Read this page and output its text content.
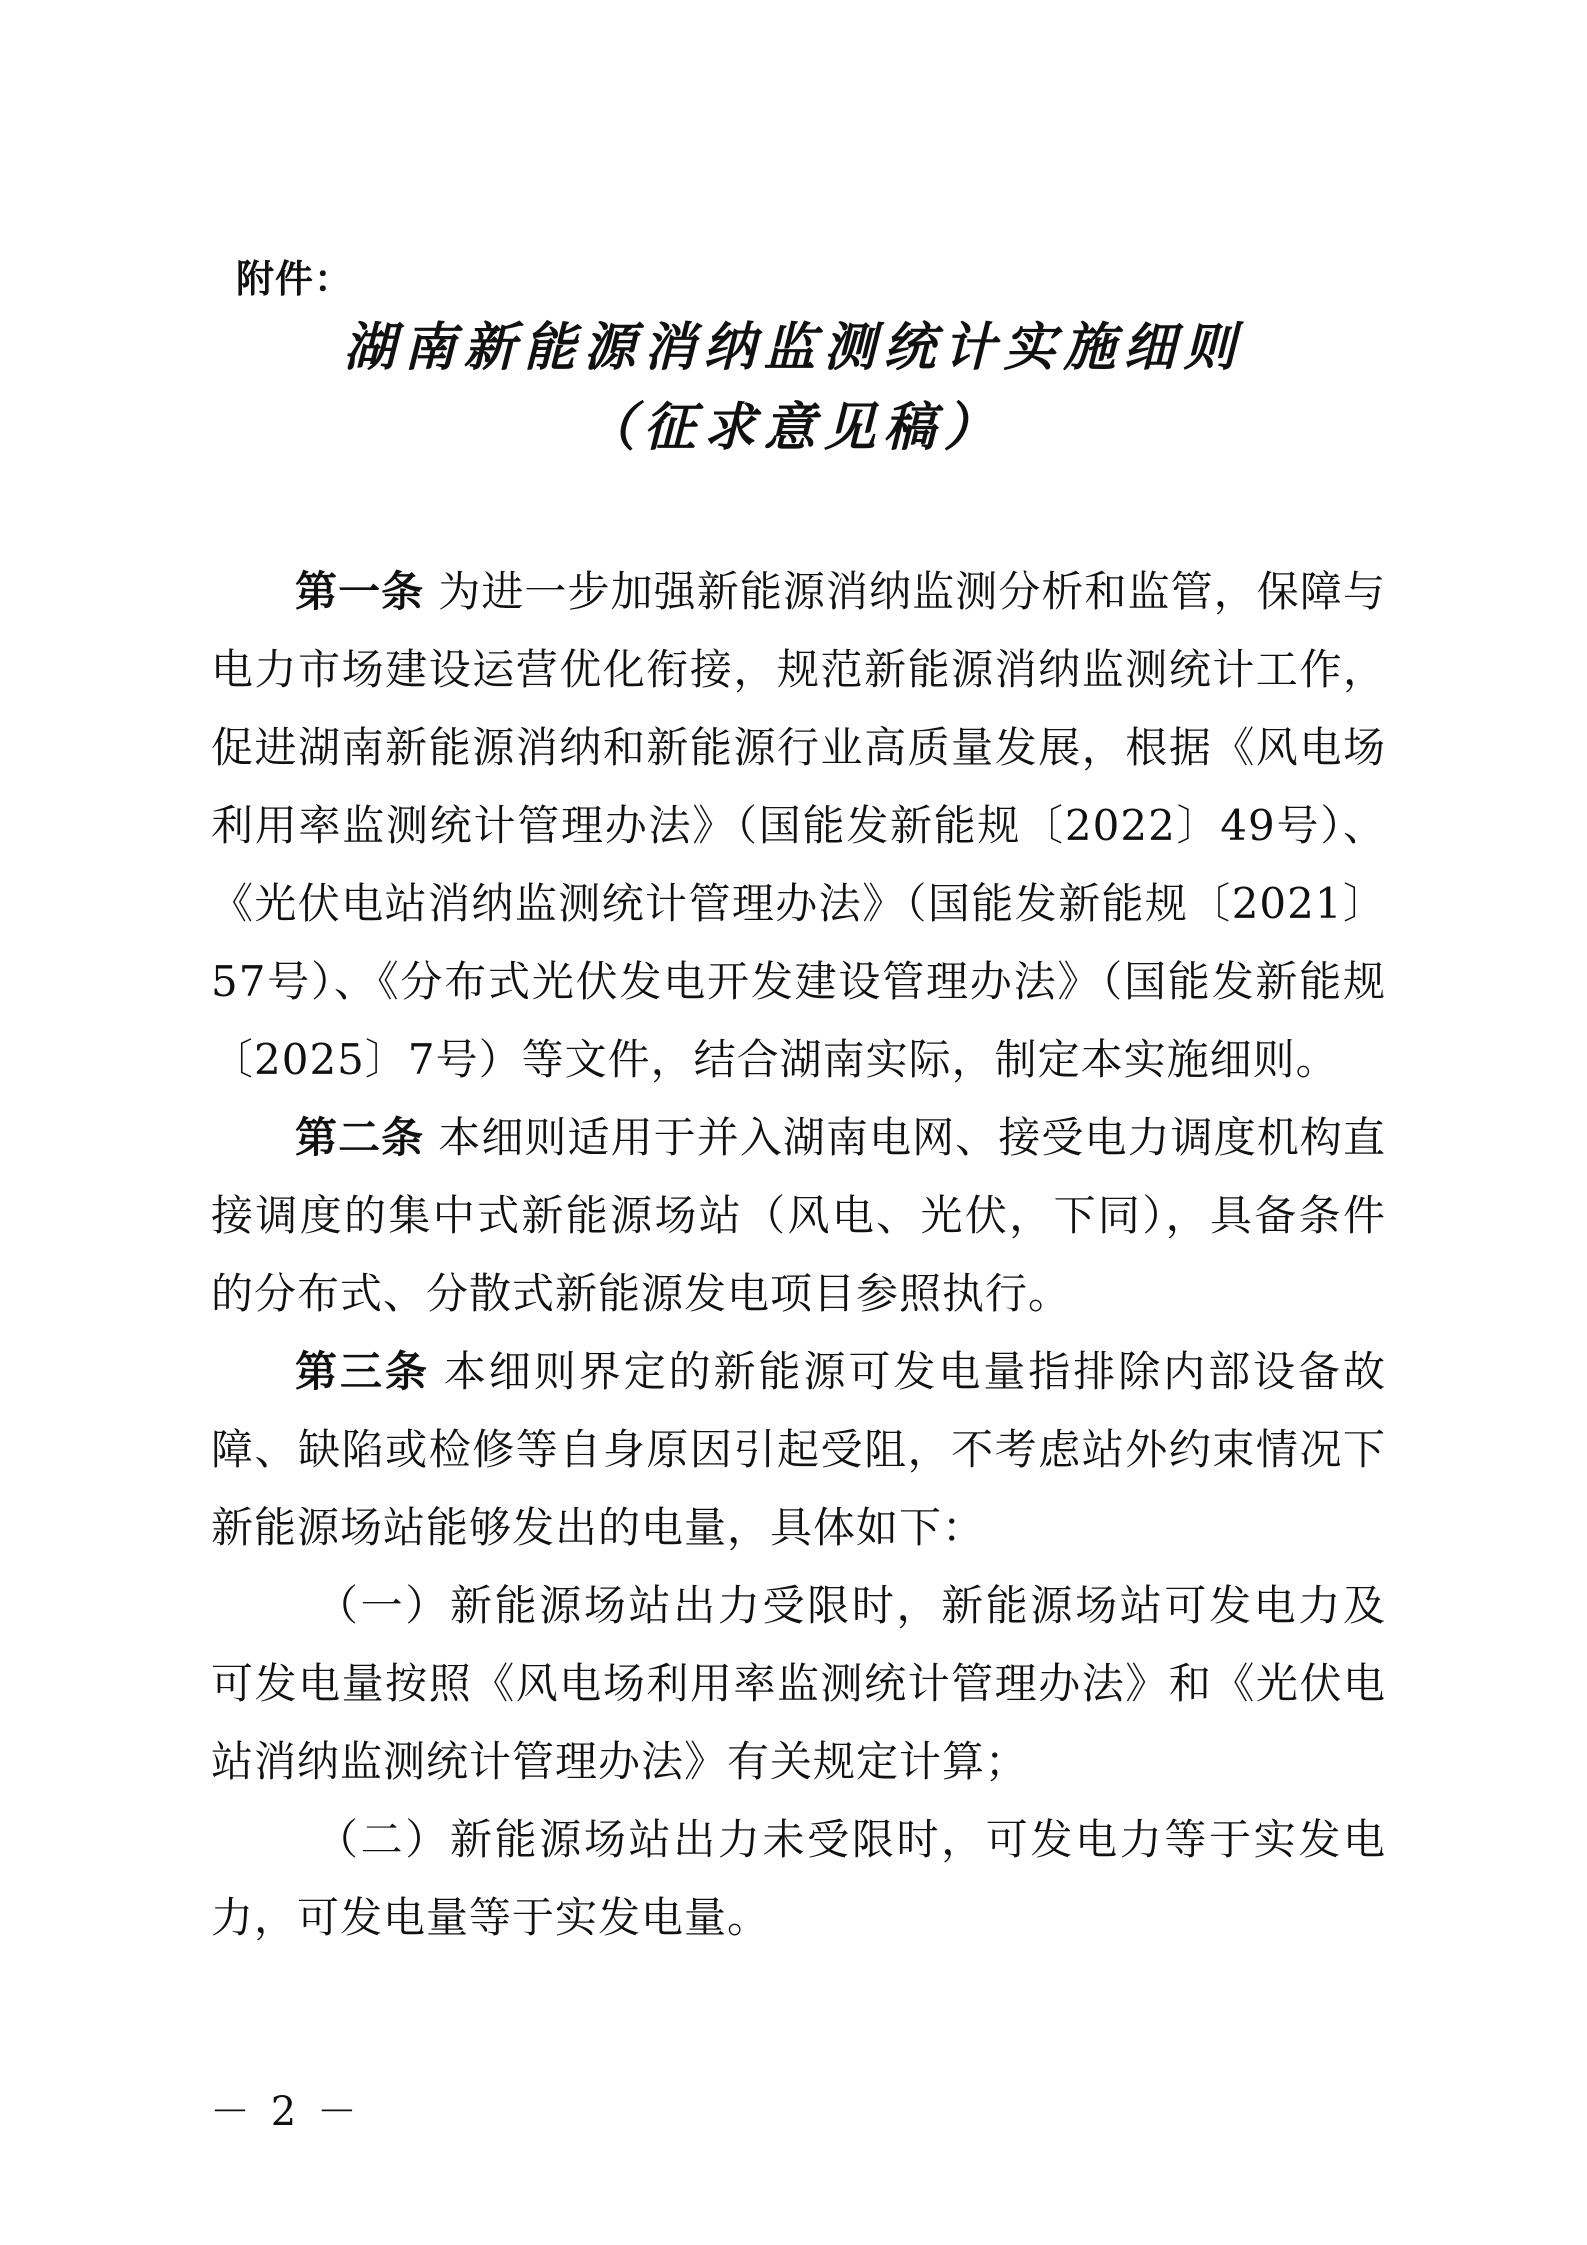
附件：
湖南新能源消纳监测统计实施细则
（征求意见稿）

第一条 为进一步加强新能源消纳监测分析和监管，保障与电力市场建设运营优化衔接，规范新能源消纳监测统计工作，促进湖南新能源消纳和新能源行业高质量发展，根据《风电场利用率监测统计管理办法》（国能发新能规〔2022〕49号）、《光伏电站消纳监测统计管理办法》（国能发新能规〔2021〕57号）、《分布式光伏发电开发建设管理办法》（国能发新能规〔2025〕7号）等文件，结合湖南实际，制定本实施细则。

第二条 本细则适用于并入湖南电网、接受电力调度机构直接调度的集中式新能源场站（风电、光伏，下同），具备条件的分布式、分散式新能源发电项目参照执行。

第三条 本细则界定的新能源可发电量指排除内部设备故障、缺陷或检修等自身原因引起受阻，不考虑站外约束情况下新能源场站能够发出的电量，具体如下：

（一）新能源场站出力受限时，新能源场站可发电力及可发电量按照《风电场利用率监测统计管理办法》和《光伏电站消纳监测统计管理办法》有关规定计算；

（二）新能源场站出力未受限时，可发电力等于实发电力，可发电量等于实发电量。

－ 2 －
